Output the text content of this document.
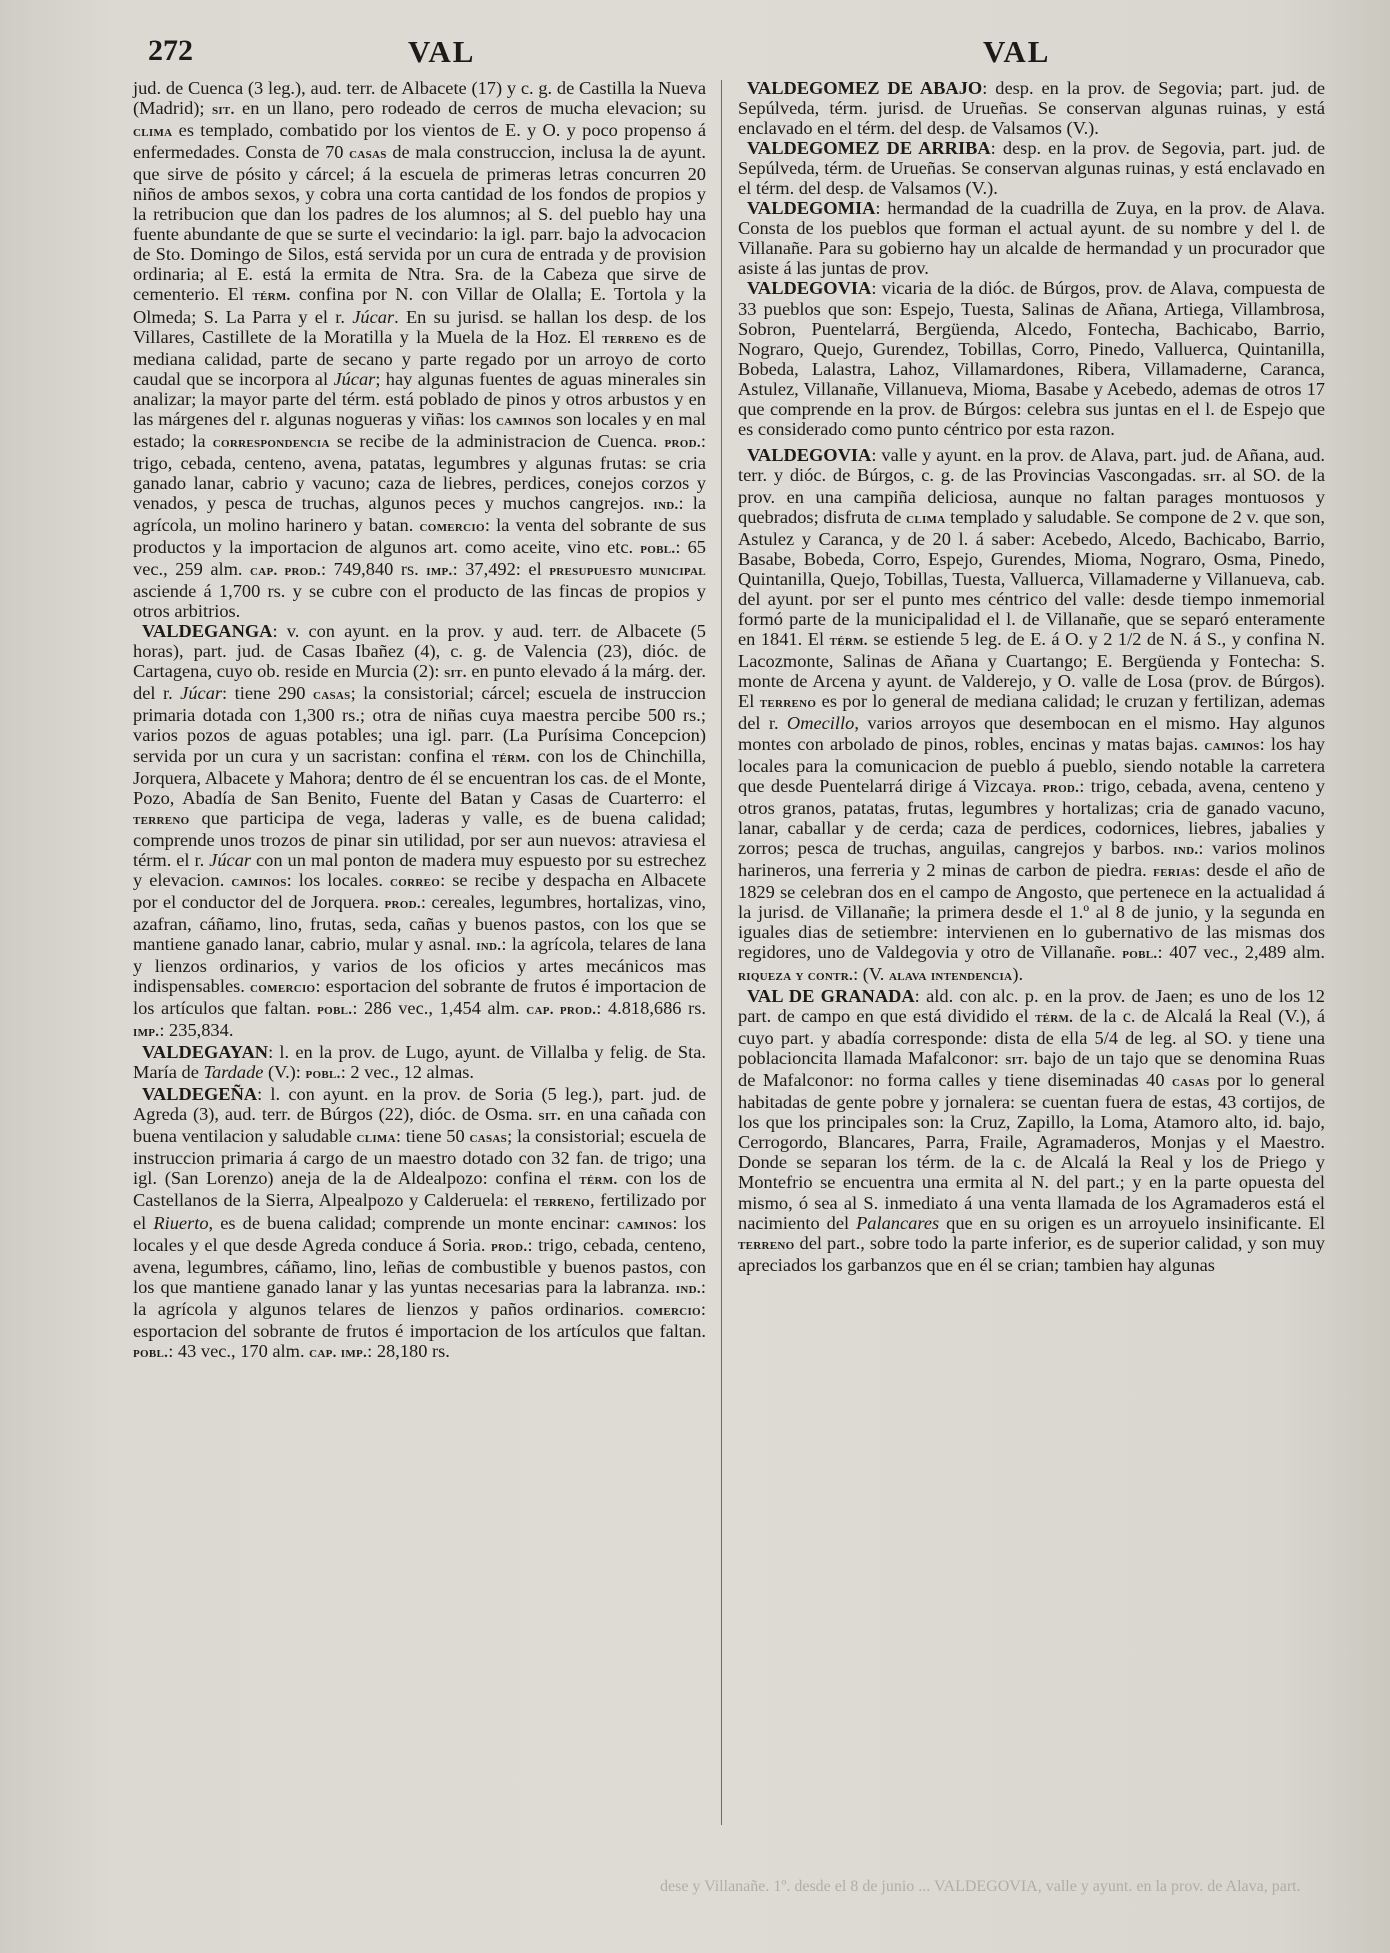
272	VAL	VAL

jud. de Cuenca (3 leg.), aud. terr. de Albacete (17) y c. g. de Castilla la Nueva (Madrid); sit. en un llano, pero rodeado de cerros de mucha elevacion; su clima es templado, combatido por los vientos de E. y O. y poco propenso á enfermedades. Consta de 70 casas de mala construccion, inclusa la de ayunt. que sirve de pósito y cárcel; á la escuela de primeras letras concurren 20 niños de ambos sexos, y cobra una corta cantidad de los fondos de propios y la retribucion que dan los padres de los alumnos; al S. del pueblo hay una fuente abundante de que se surte el vecindario: la igl. parr. bajo la advocacion de Sto. Domingo de Silos, está servida por un cura de entrada y de provision ordinaria; al E. está la ermita de Ntra. Sra. de la Cabeza que sirve de cementerio. El térm. confina por N. con Villar de Olalla; E. Tortola y la Olmeda; S. La Parra y el r. Júcar. En su jurisd. se hallan los desp. de los Villares, Castillete de la Moratilla y la Muela de la Hoz. El terreno es de mediana calidad, parte de secano y parte regado por un arroyo de corto caudal que se incorpora al Júcar; hay algunas fuentes de aguas minerales sin analizar; la mayor parte del térm. está poblado de pinos y otros arbustos y en las márgenes del r. algunas nogueras y viñas: los caminos son locales y en mal estado; la correspondencia se recibe de la administracion de Cuenca. prod.: trigo, cebada, centeno, avena, patatas, legumbres y algunas frutas: se cria ganado lanar, cabrio y vacuno; caza de liebres, perdices, conejos corzos y venados, y pesca de truchas, algunos peces y muchos cangrejos. ind.: la agrícola, un molino harinero y batan. comercio: la venta del sobrante de sus productos y la importacion de algunos art. como aceite, vino etc. pobl.: 65 vec., 259 alm. cap. prod.: 749,840 rs. imp.: 37,492: el presupuesto municipal asciende á 1,700 rs. y se cubre con el producto de las fincas de propios y otros arbitrios.

VALDEGANGA: v. con ayunt. en la prov. y aud. terr. de Albacete (5 horas), part. jud. de Casas Ibañez (4), c. g. de Valencia (23), dióc. de Cartagena, cuyo ob. reside en Murcia (2): sit. en punto elevado á la márg. der. del r. Júcar: tiene 290 casas; la consistorial; cárcel; escuela de instruccion primaria dotada con 1,300 rs.; otra de niñas cuya maestra percibe 500 rs.; varios pozos de aguas potables; una igl. parr. (La Purísima Concepcion) servida por un cura y un sacristan: confina el térm. con los de Chinchilla, Jorquera, Albacete y Mahora; dentro de él se encuentran los cas. de el Monte, Pozo, Abadía de San Benito, Fuente del Batan y Casas de Cuarterro: el terreno que participa de vega, laderas y valle, es de buena calidad; comprende unos trozos de pinar sin utilidad, por ser aun nuevos: atraviesa el térm. el r. Júcar con un mal ponton de madera muy espuesto por su estrechez y elevacion. caminos: los locales. correo: se recibe y despacha en Albacete por el conductor del de Jorquera. prod.: cereales, legumbres, hortalizas, vino, azafran, cáñamo, lino, frutas, seda, cañas y buenos pastos, con los que se mantiene ganado lanar, cabrio, mular y asnal. ind.: la agrícola, telares de lana y lienzos ordinarios, y varios de los oficios y artes mecánicos mas indispensables. comercio: esportacion del sobrante de frutos é importacion de los artículos que faltan. pobl.: 286 vec., 1,454 alm. cap. prod.: 4.818,686 rs. imp.: 235,834.

VALDEGAYAN: l. en la prov. de Lugo, ayunt. de Villalba y felig. de Sta. María de Tardade (V.): pobl.: 2 vec., 12 almas.

VALDEGEÑA: l. con ayunt. en la prov. de Soria (5 leg.), part. jud. de Agreda (3), aud. terr. de Búrgos (22), dióc. de Osma. sit. en una cañada con buena ventilacion y saludable clima: tiene 50 casas; la consistorial; escuela de instruccion primaria á cargo de un maestro dotado con 32 fan. de trigo; una igl. (San Lorenzo) aneja de la de Aldealpozo: confina el térm. con los de Castellanos de la Sierra, Alpealpozo y Calderuela: el terreno, fertilizado por el Riuerto, es de buena calidad; comprende un monte encinar: caminos: los locales y el que desde Agreda conduce á Soria. prod.: trigo, cebada, centeno, avena, legumbres, cáñamo, lino, leñas de combustible y buenos pastos, con los que mantiene ganado lanar y las yuntas necesarias para la labranza. ind.: la agrícola y algunos telares de lienzos y paños ordinarios. comercio: esportacion del sobrante de frutos é importacion de los artículos que faltan. pobl.: 43 vec., 170 alm. cap. imp.: 28,180 rs.

VALDEGOMEZ DE ABAJO: desp. en la prov. de Segovia; part. jud. de Sepúlveda, térm. jurisd. de Urueñas. Se conservan algunas ruinas, y está enclavado en el térm. del desp. de Valsamos (V.).

VALDEGOMEZ DE ARRIBA: desp. en la prov. de Segovia, part. jud. de Sepúlveda, térm. de Urueñas. Se conservan algunas ruinas, y está enclavado en el térm. del desp. de Valsamos (V.).

VALDEGOMIA: hermandad de la cuadrilla de Zuya, en la prov. de Alava. Consta de los pueblos que forman el actual ayunt. de su nombre y del l. de Villanañe. Para su gobierno hay un alcalde de hermandad y un procurador que asiste á las juntas de prov.

VALDEGOVIA: vicaria de la dióc. de Búrgos, prov. de Alava, compuesta de 33 pueblos que son: Espejo, Tuesta, Salinas de Añana, Artiega, Villambrosa, Sobron, Puentelarrá, Bergüenda, Alcedo, Fontecha, Bachicabo, Barrio, Nograro, Quejo, Gurendez, Tobillas, Corro, Pinedo, Valluerca, Quintanilla, Bobeda, Lalastra, Lahoz, Villamardones, Ribera, Villamaderne, Caranca, Astulez, Villanañe, Villanueva, Mioma, Basabe y Acebedo, ademas de otros 17 que comprende en la prov. de Búrgos: celebra sus juntas en el l. de Espejo que es considerado como punto céntrico por esta razon.

VALDEGOVIA: valle y ayunt. en la prov. de Alava, part. jud. de Añana, aud. terr. y dióc. de Búrgos, c. g. de las Provincias Vascongadas. sit. al SO. de la prov. en una campiña deliciosa, aunque no faltan parages montuosos y quebrados; disfruta de clima templado y saludable. Se compone de 2 v. que son, Astulez y Caranca, y de 20 l. á saber: Acebedo, Alcedo, Bachicabo, Barrio, Basabe, Bobeda, Corro, Espejo, Gurendes, Mioma, Nograro, Osma, Pinedo, Quintanilla, Quejo, Tobillas, Tuesta, Valluerca, Villamaderne y Villanueva, cab. del ayunt. por ser el punto mes céntrico del valle: desde tiempo inmemorial formó parte de la municipalidad el l. de Villanañe, que se separó enteramente en 1841. El térm. se estiende 5 leg. de E. á O. y 2 1/2 de N. á S., y confina N. Lacozmonte, Salinas de Añana y Cuartango; E. Bergüenda y Fontecha: S. monte de Arcena y ayunt. de Valderejo, y O. valle de Losa (prov. de Búrgos). El terreno es por lo general de mediana calidad; le cruzan y fertilizan, ademas del r. Omecillo, varios arroyos que desembocan en el mismo. Hay algunos montes con arbolado de pinos, robles, encinas y matas bajas. caminos: los hay locales para la comunicacion de pueblo á pueblo, siendo notable la carretera que desde Puentelarrá dirige á Vizcaya. prod.: trigo, cebada, avena, centeno y otros granos, patatas, frutas, legumbres y hortalizas; cria de ganado vacuno, lanar, caballar y de cerda; caza de perdices, codornices, liebres, jabalies y zorros; pesca de truchas, anguilas, cangrejos y barbos. ind.: varios molinos harineros, una ferreria y 2 minas de carbon de piedra. ferias: desde el año de 1829 se celebran dos en el campo de Angosto, que pertenece en la actualidad á la jurisd. de Villanañe; la primera desde el 1.º al 8 de junio, y la segunda en iguales dias de setiembre: intervienen en lo gubernativo de las mismas dos regidores, uno de Valdegovia y otro de Villanañe. pobl.: 407 vec., 2,489 alm. riqueza y contr.: (V. alava intendencia).

VAL DE GRANADA: ald. con alc. p. en la prov. de Jaen; es uno de los 12 part. de campo en que está dividido el térm. de la c. de Alcalá la Real (V.), á cuyo part. y abadía corresponde: dista de ella 5/4 de leg. al SO. y tiene una poblacioncita llamada Mafalconor: sit. bajo de un tajo que se denomina Ruas de Mafalconor: no forma calles y tiene diseminadas 40 casas por lo general habitadas de gente pobre y jornalera: se cuentan fuera de estas, 43 cortijos, de los que los principales son: la Cruz, Zapillo, la Loma, Atamoro alto, id. bajo, Cerrogordo, Blancares, Parra, Fraile, Agramaderos, Monjas y el Maestro. Donde se separan los térm. de la c. de Alcalá la Real y los de Priego y Montefrio se encuentra una ermita al N. del part.; y en la parte opuesta del mismo, ó sea al S. inmediato á una venta llamada de los Agramaderos está el nacimiento del Palancares que en su origen es un arroyuelo insinificante. El terreno del part., sobre todo la parte inferior, es de superior calidad, y son muy apreciados los garbanzos que en él se crian; tambien hay algunas

dese y Villanañe. 1º. desde el 8 de junio ... VALDEGOVIA, valle y ayunt. en la prov. de Alava, part.
